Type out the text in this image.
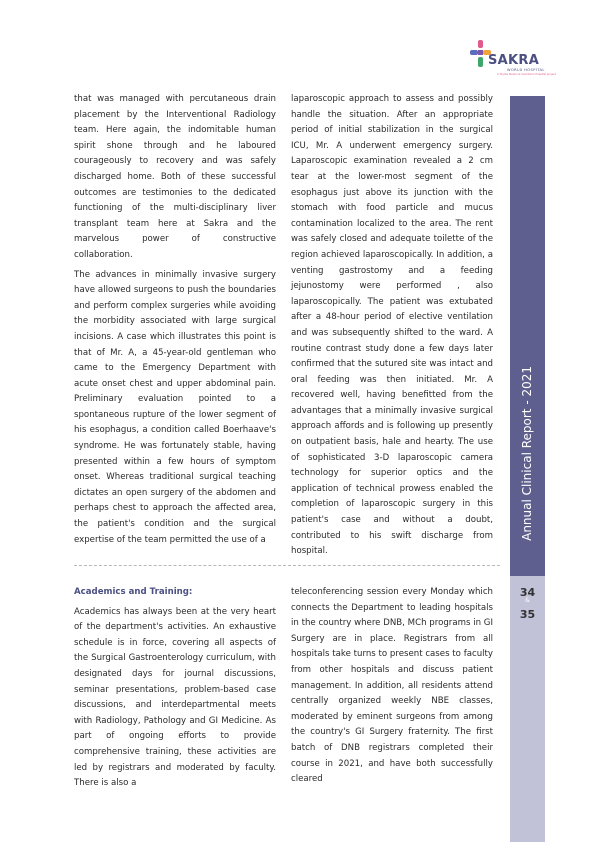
SAKRA
WORLD HOSPITAL
A Toyota Tsusho & Sumitomo Hospital project
Annual Clinical Report - 2021
34
&
35

that was managed with percutaneous drain placement by the Interventional Radiology team. Here again, the indomitable human spirit shone through and he laboured courageously to recovery and was safely discharged home. Both of these successful outcomes are testimonies to the dedicated functioning of the multi-disciplinary liver transplant team here at Sakra and the marvelous power of constructive collaboration.

The advances in minimally invasive surgery have allowed surgeons to push the boundaries and perform complex surgeries while avoiding the morbidity associated with large surgical incisions. A case which illustrates this point is that of Mr. A, a 45-year-old gentleman who came to the Emergency Department with acute onset chest and upper abdominal pain. Preliminary evaluation pointed to a spontaneous rupture of the lower segment of his esophagus, a condition called Boerhaave's syndrome. He was fortunately stable, having presented within a few hours of symptom onset. Whereas traditional surgical teaching dictates an open surgery of the abdomen and perhaps chest to approach the affected area, the patient's condition and the surgical expertise of the team permitted the use of a

laparoscopic approach to assess and possibly handle the situation. After an appropriate period of initial stabilization in the surgical ICU, Mr. A underwent emergency surgery. Laparoscopic examination revealed a 2 cm tear at the lower-most segment of the esophagus just above its junction with the stomach with food particle and mucus contamination localized to the area. The rent was safely closed and adequate toilette of the region achieved laparoscopically. In addition, a venting gastrostomy and a feeding jejunostomy were performed , also laparoscopically. The patient was extubated after a 48-hour period of elective ventilation and was subsequently shifted to the ward. A routine contrast study done a few days later confirmed that the sutured site was intact and oral feeding was then initiated. Mr. A recovered well, having benefitted from the advantages that a minimally invasive surgical approach affords and is following up presently on outpatient basis, hale and hearty. The use of sophisticated 3-D laparoscopic camera technology for superior optics and the application of technical prowess enabled the completion of laparoscopic surgery in this patient's case and without a doubt, contributed to his swift discharge from hospital.

Academics and Training:

Academics has always been at the very heart of the department's activities. An exhaustive schedule is in force, covering all aspects of the Surgical Gastroenterology curriculum, with designated days for journal discussions, seminar presentations, problem-based case discussions, and interdepartmental meets with Radiology, Pathology and GI Medicine. As part of ongoing efforts to provide comprehensive training, these activities are led by registrars and moderated by faculty. There is also a

teleconferencing session every Monday which connects the Department to leading hospitals in the country where DNB, MCh programs in GI Surgery are in place. Registrars from all hospitals take turns to present cases to faculty from other hospitals and discuss patient management. In addition, all residents attend centrally organized weekly NBE classes, moderated by eminent surgeons from among the country's GI Surgery fraternity. The first batch of DNB registrars completed their course in 2021, and have both successfully cleared
